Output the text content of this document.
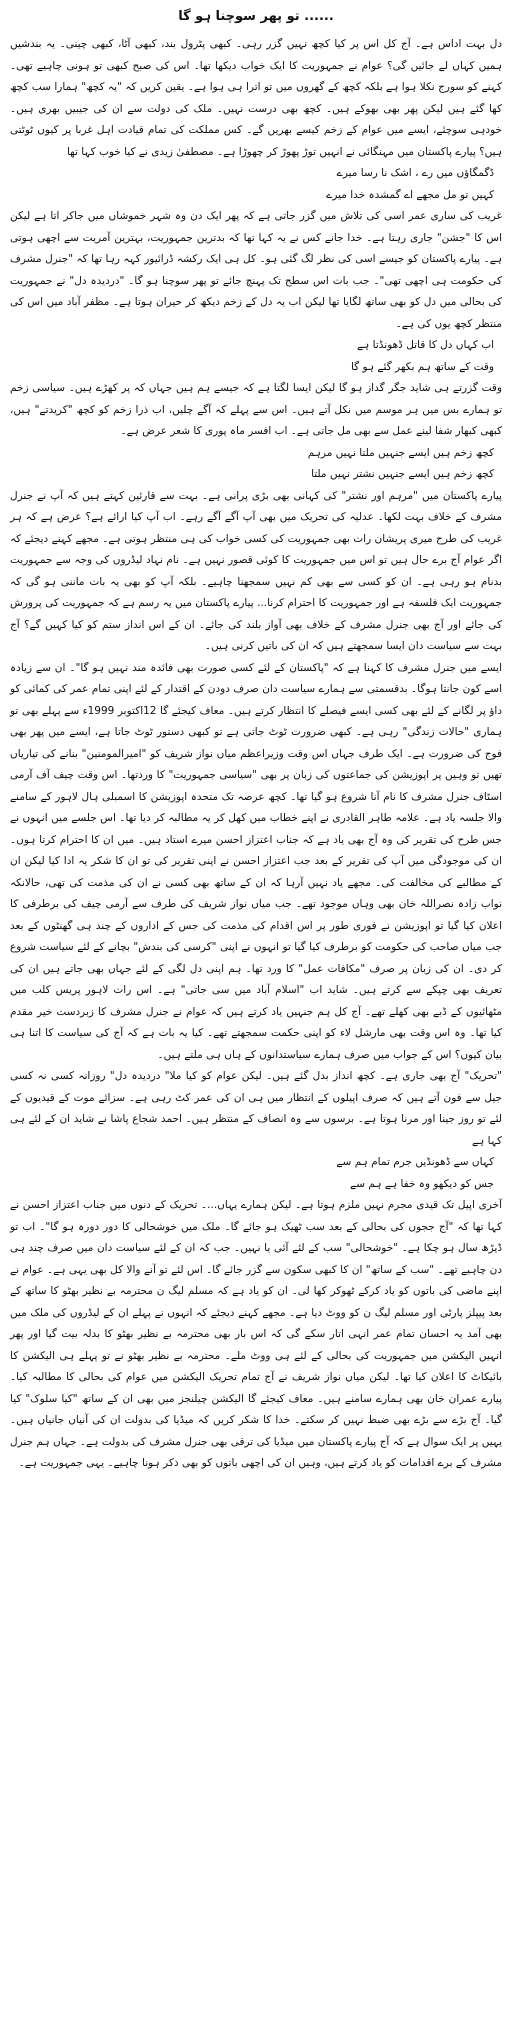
...... تو پھر سوچنا ہو گا

دل بہت اداس ہے۔ آج کل اس پر کیا کچھ نہیں گزر رہی۔ کبھی پٹرول بند، کبھی آٹا، کبھی چینی۔ یہ بندشیں ہمیں کہاں لے جائیں گی؟ عوام نے جمہوریت کا ایک خواب دیکھا تھا۔ اس کی صبح کبھی تو ہونی چاہیے تھی۔ کہنے کو سورج نکلا ہوا ہے بلکہ کچھ کے گھروں میں تو اترا ہی ہوا ہے۔ یقین کریں کہ "یہ کچھ" ہمارا سب کچھ کھا گئے ہیں لیکن پھر بھی بھوکے ہیں۔ کچھ بھی درست نہیں۔ ملک کی دولت سے ان کی جیبیں بھری ہیں۔ خودہی سوچئے، ایسے میں عوام کے زخم کیسے بھریں گے۔ کس مملکت کی تمام قیادت اہل غربا پر کیوں ٹوٹتی ہیں؟ پیارے پاکستان میں مہنگائی نے انہیں توڑ پھوڑ کر چھوڑا ہے۔ مصطفیٰ زیدی نے کیا خوب کہا تھا

ڈگمگاؤں میں رے ، اشک نا رسا میرے
کہیں تو مل مجھے اے گمشدہ خدا میرے

غریب کی ساری عمر اسی کی تلاش میں گزر جاتی ہے کہ پھر ایک دن وہ شہر خموشاں میں جاکر اتا ہے لیکن اس کا "جشن" جاری رہتا ہے۔ خدا جانے کس نے یہ کہا تھا کہ بدترین جمہوریت، بہترین آمریت سے اچھی ہوتی ہے۔ پیارے پاکستان کو جیسے اسی کی نظر لگ گئی ہو۔ کل ہی ایک رکشہ ڈرائیور کہہ رہا تھا کہ "جنرل مشرف کی حکومت ہی اچھی تھی"۔ جب بات اس سطح تک پہنچ جائے تو پھر سوچنا ہو گا۔ "دردیدہ دل" نے جمہوریت کی بحالی میں دل کو بھی ساتھ لگایا تھا لیکن اب یہ دل کے زخم دیکھ کر حیران ہوتا ہے۔ مظفر آباد میں اس کی منتظر کچھ یوں کی ہے۔

اب کہاں دل کا قاتل ڈھونڈتا ہے
وقت کے ساتھ ہم بکھر گئے ہو گا

وقت گزرتے ہی شاید جگر گداز ہو گا لیکن ایسا لگتا ہے کہ جیسے ہم ہیں جہاں کہ پر کھڑے ہیں۔ سیاسی زخم تو ہمارے بس میں ہر موسم میں نکل آتے ہیں۔ اس سے پہلے کہ آگے چلیں، اب ذرا زخم کو کچھ "کریدتے" ہیں، کبھی کبھار شفا لینے عمل سے بھی مل جاتی ہے۔ اب افسر ماہ پوری کا شعر عرض ہے۔

کچھ زخم ہیں ایسے جنہیں ملتا نہیں مرہم
کچھ زخم ہیں ایسے جنہیں نشتر نہیں ملتا

پیارے پاکستان میں "مرہم اور نشتر" کی کہانی بھی بڑی پرانی ہے۔ بہت سے قارئین کہتے ہیں کہ آپ نے جنرل مشرف کے خلاف بہت لکھا۔ عدلیہ کی تحریک میں بھی آپ آگے آگے رہے۔ اب آپ کیا ارائے ہے؟ عرض ہے کہ ہر غریب کی طرح میری پریشان رات بھی جمہوریت کی کسی خواب کی ہی منتظر ہوتی ہے۔ مجھے کہنے دیجئے کہ اگر عوام آج برے حال ہیں تو اس میں جمہوریت کا کوئی قصور نہیں ہے۔ نام نہاد لیڈروں کی وجہ سے جمہوریت بدنام ہو رہی ہے۔ ان کو کسی سے بھی کم نہیں سمجھنا چاہیے۔ بلکہ آپ کو بھی یہ بات ماننی ہو گی کہ جمہوریت ایک فلسفہ ہے اور جمہوریت کا احترام کرنا... پیارے پاکستان میں یہ رسم ہے کہ جمہوریت کی پرورش کی جائے اور آج بھی جنرل مشرف کے خلاف بھی آواز بلند کی جائے۔ ان کے اس انداز ستم کو کیا کہیں گے؟ آج بہت سے سیاست دان ایسا سمجھتے ہیں کہ ان کی باتیں کرنی ہیں۔

ایسے میں جنرل مشرف کا کہنا ہے کہ "پاکستان کے لئے کسی صورت بھی فائدہ مند نہیں ہو گا"۔ ان سے زیادہ اسے کون جانتا ہوگا۔ بدقسمتی سے ہمارے سیاست دان صرف دودن کے اقتدار کے لئے اپنی تمام عمر کی کمائی کو داؤ پر لگانے کے لئے بھی کسی ایسے فیصلے کا انتظار کرتے ہیں۔ معاف کیجئے گا 12اکتوبر 1999ء سے پہلے بھی تو ہماری "حالات زندگی" رہی ہے۔ کبھی ضرورت ٹوٹ جاتی ہے تو کبھی دستور ٹوٹ جاتا ہے، ایسے میں پھر بھی فوج کی ضرورت ہے۔ ایک طرف جہاں اس وقت وزیراعظم میاں نواز شریف کو "امیرالمومنین" بنانے کی تیاریاں تھیں تو وہیں پر اپوزیشن کی جماعتوں کی زبان پر بھی "سیاسی جمہوریت" کا وردتھا۔ اس وقت چیف آف آرمی اسٹاف جنرل مشرف کا نام آنا شروع ہو گیا تھا۔ کچھ عرصہ تک متحدہ اپوزیشن کا اسمبلی ہال لاہور کے سامنے والا جلسہ یاد ہے۔ علامہ طاہر القادری نے اپنے خطاب میں کھل کر یہ مطالبہ کر دیا تھا۔ اس جلسے میں انہوں نے جس طرح کی تقریر کی وہ آج بھی یاد ہے کہ جناب اعتزاز احسن میرے استاد ہیں۔ میں ان کا احترام کرتا ہوں۔ ان کی موجودگی میں آپ کی تقریر کے بعد جب اعتزاز احسن نے اپنی تقریر کی تو ان کا شکر یہ ادا کیا لیکن ان کے مطالبے کی مخالفت کی۔ مجھے یاد نہیں آرہا کہ ان کے ساتھ بھی کسی نے ان کی مذمت کی تھی، حالانکہ نواب زادہ نصراللہ خان بھی وہاں موجود تھے۔ جب میاں نواز شریف کی طرف سے آرمی چیف کی برطرفی کا اعلان کیا گیا تو اپوزیشن نے فوری طور پر اس اقدام کی مذمت کی جس کے اداروں کے چند ہی گھنٹوں کے بعد جب میاں صاحب کی حکومت کو برطرف کیا گیا تو انہوں نے اپنی "کرسی کی بندش" بچانے کے لئے سیاست شروع کر دی۔ ان کی زبان پر صرف "مکافات عمل" کا ورد تھا۔ ہم اپنی دل لگی کے لئے جہاں بھی جاتے ہیں ان کی تعریف بھی چپکے سے کرتے ہیں۔ شاید اب "اسلام آباد میں سی جاتی" ہے۔ اس رات لاہور پریس کلب میں مٹھائیوں کے ڈبے بھی کھلے تھے۔ آج کل ہم جنہیں یاد کرتے ہیں کہ عوام نے جنرل مشرف کا زبردست خیر مقدم کیا تھا۔ وہ اس وقت بھی مارشل لاء کو اپنی حکمت سمجھتے تھے۔ کیا یہ بات ہے کہ آج کی سیاست کا اتنا ہی بیان کیوں؟ اس کے جواب میں صرف ہمارے سیاستدانوں کے ہاں ہی ملتے ہیں۔

"تحریک" آج بھی جاری ہے۔ کچھ انداز بدل گئے ہیں۔ لیکن عوام کو کیا ملا" دردیدہ دل" روزانہ کسی نہ کسی جیل سے فون آتے ہیں کہ صرف اپیلوں کے انتظار میں ہی ان کی عمر کٹ رہی ہے۔ سزائے موت کے قیدیوں کے لئے تو روز جینا اور مرنا ہوتا ہے۔ برسوں سے وہ انصاف کے منتظر ہیں۔ احمد شجاع پاشا نے شاید ان کے لئے ہی کہا ہے

کہاں سے ڈھونڈیں جرم تمام ہم سے
جس کو دیکھو وہ خفا ہے ہم سے

آخری اپیل تک قیدی مجرم نہیں ملزم ہوتا ہے۔ لیکن ہمارے یہاں...۔ تحریک کے دنوں میں جناب اعتزاز احسن نے کہا تھا کہ "آج ججوں کی بحالی کے بعد سب ٹھیک ہو جائے گا۔ ملک میں خوشحالی کا دور دورہ ہو گا"۔ اب تو ڈیڑھ سال ہو چکا ہے۔ "خوشحالی" سب کے لئے آئی یا نہیں۔ جب کہ ان کے لئے سیاست دان میں صرف چند ہی دن چاہیے تھے۔ "سب کے ساتھ" ان کا کبھی سکون سے گزر جائے گا۔ اس لئے تو آنے والا کل بھی یہی ہے۔ عوام نے اپنے ماضی کی باتوں کو یاد کرکے ٹھوکر کھا لی۔ ان کو یاد ہے کہ مسلم لیگ ن محترمہ بے نظیر بھٹو کا ساتھ کے بعد پیپلز پارٹی اور مسلم لیگ ن کو ووٹ دیا ہے۔ مجھے کہنے دیجئے کہ انہوں نے پہلے ان کے لیڈروں کی ملک میں بھی آمد یہ احسان تمام عمر انہی اتار سکے گی کہ اس بار بھی محترمہ بے نظیر بھٹو کا بدلہ بیت گیا اور پھر انہیں الیکشن میں جمہوریت کی بحالی کے لئے ہی ووٹ ملے۔ محترمہ بے نظیر بھٹو نے تو پہلے ہی الیکشن کا بائیکاٹ کا اعلان کیا تھا۔ لیکن میاں نواز شریف نے آج تمام تحریک الیکشن میں عوام کی بحالی کا مطالبہ کیا۔ پیارے عمران خان بھی ہمارے سامنے ہیں۔ معاف کیجئے گا الیکشن چیلنجز میں بھی ان کے ساتھ "کیا سلوک" کیا گیا۔ آج بڑے سے بڑے بھی ضبط نہیں کر سکتے۔ خدا کا شکر کریں کہ میڈیا کی بدولت ان کی آنیاں جانیاں ہیں۔ یہیں پر ایک سوال ہے کہ آج پیارے پاکستان میں میڈیا کی ترقی بھی جنرل مشرف کی بدولت ہے۔ جہاں ہم جنرل مشرف کے برے اقدامات کو یاد کرتے ہیں، وہیں ان کی اچھی باتوں کو بھی ذکر ہونا چاہیے۔ یہی جمہوریت ہے۔
